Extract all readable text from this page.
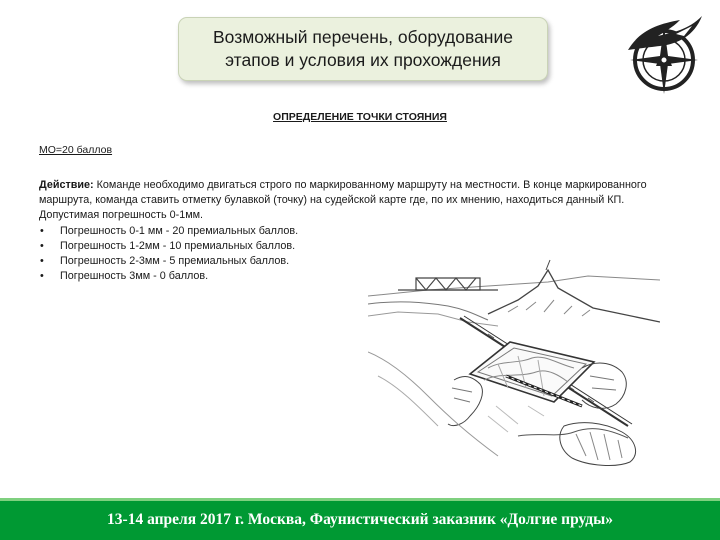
Возможный перечень, оборудование
этапов и условия их прохождения
ОПРЕДЕЛЕНИЕ ТОЧКИ СТОЯНИЯ
МО=20 баллов

Действие: Команде необходимо двигаться строго по маркированному маршруту на местности. В конце маркированного маршрута, команда ставить отметку булавкой (точку) на судейской карте где, по их мнению, находиться данный КП.

Допустимая погрешность 0-1мм.

• Погрешность 0-1 мм - 20 премиальных баллов.
• Погрешность 1-2мм - 10 премиальных баллов.
• Погрешность 2-3мм - 5 премиальных баллов.
• Погрешность 3мм - 0 баллов.
13-14 апреля 2017 г. Москва, Фаунистический заказник «Долгие пруды»
